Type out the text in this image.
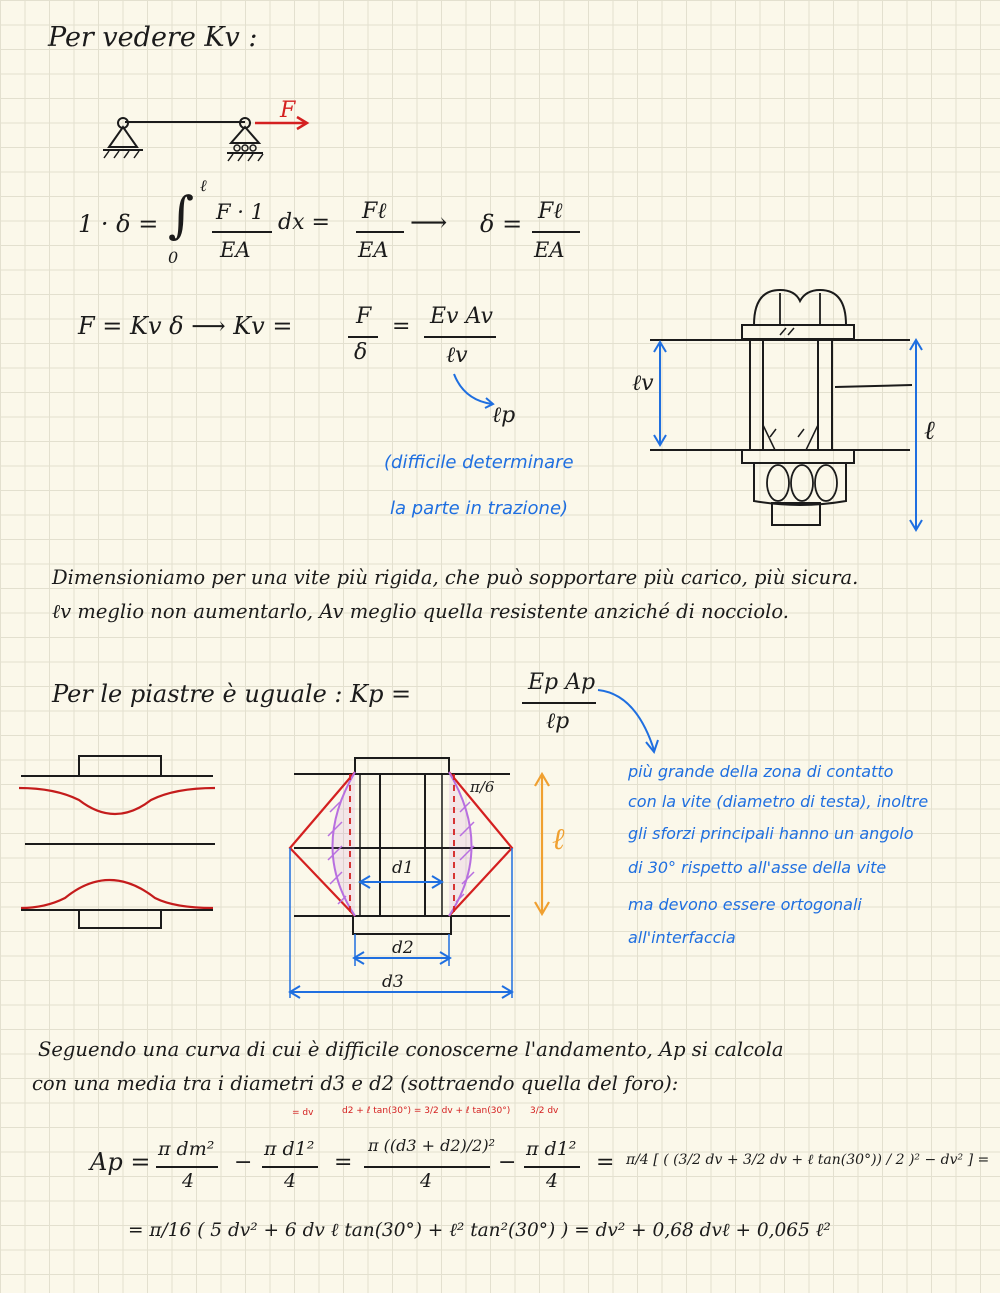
Per vedere Kv :
F
1 · δ = ∫
ℓ
0
F · 1
EA
dx = Fℓ
EA
⟶ δ = Fℓ
EA
F = Kv δ ⟶ Kv =	F
δ
= Ev Av
ℓv
ℓp
(difficile determinare
la parte in trazione)
ℓv
ℓ
Dimensioniamo per una vite più rigida, che può sopportare più carico, più sicura.
ℓv meglio non aumentarlo, Av meglio quella resistente anziché di nocciolo.
Per le piastre è uguale : Kp =	Ep Ap
ℓp
π/6
d1
d2
d3
ℓ
più grande della zona di contatto
con la vite (diametro di testa), inoltre
gli sforzi principali hanno un angolo
di 30° rispetto all'asse della vite
ma devono essere ortogonali
all'interfaccia
Seguendo una curva di cui è difficile conoscerne l'andamento, Ap si calcola
con una media tra i diametri d3 e d2 (sottraendo quella del foro):
= dv	d2 + ℓ tan(30°) = 3/2 dv + ℓ tan(30°) 3/2 dv
Ap = π dm²
4
−
π d1²
4
=
π ((d3 + d2)/2)²
4
−
π d1²
4
= π/4 [ ( (3/2 dv + 3/2 dv + ℓ tan(30°)) / 2 )² − dv² ] =
= π/16 ( 5 dv² + 6 dv ℓ tan(30°) + ℓ² tan²(30°) ) = dv² + 0,68 dvℓ + 0,065 ℓ²
